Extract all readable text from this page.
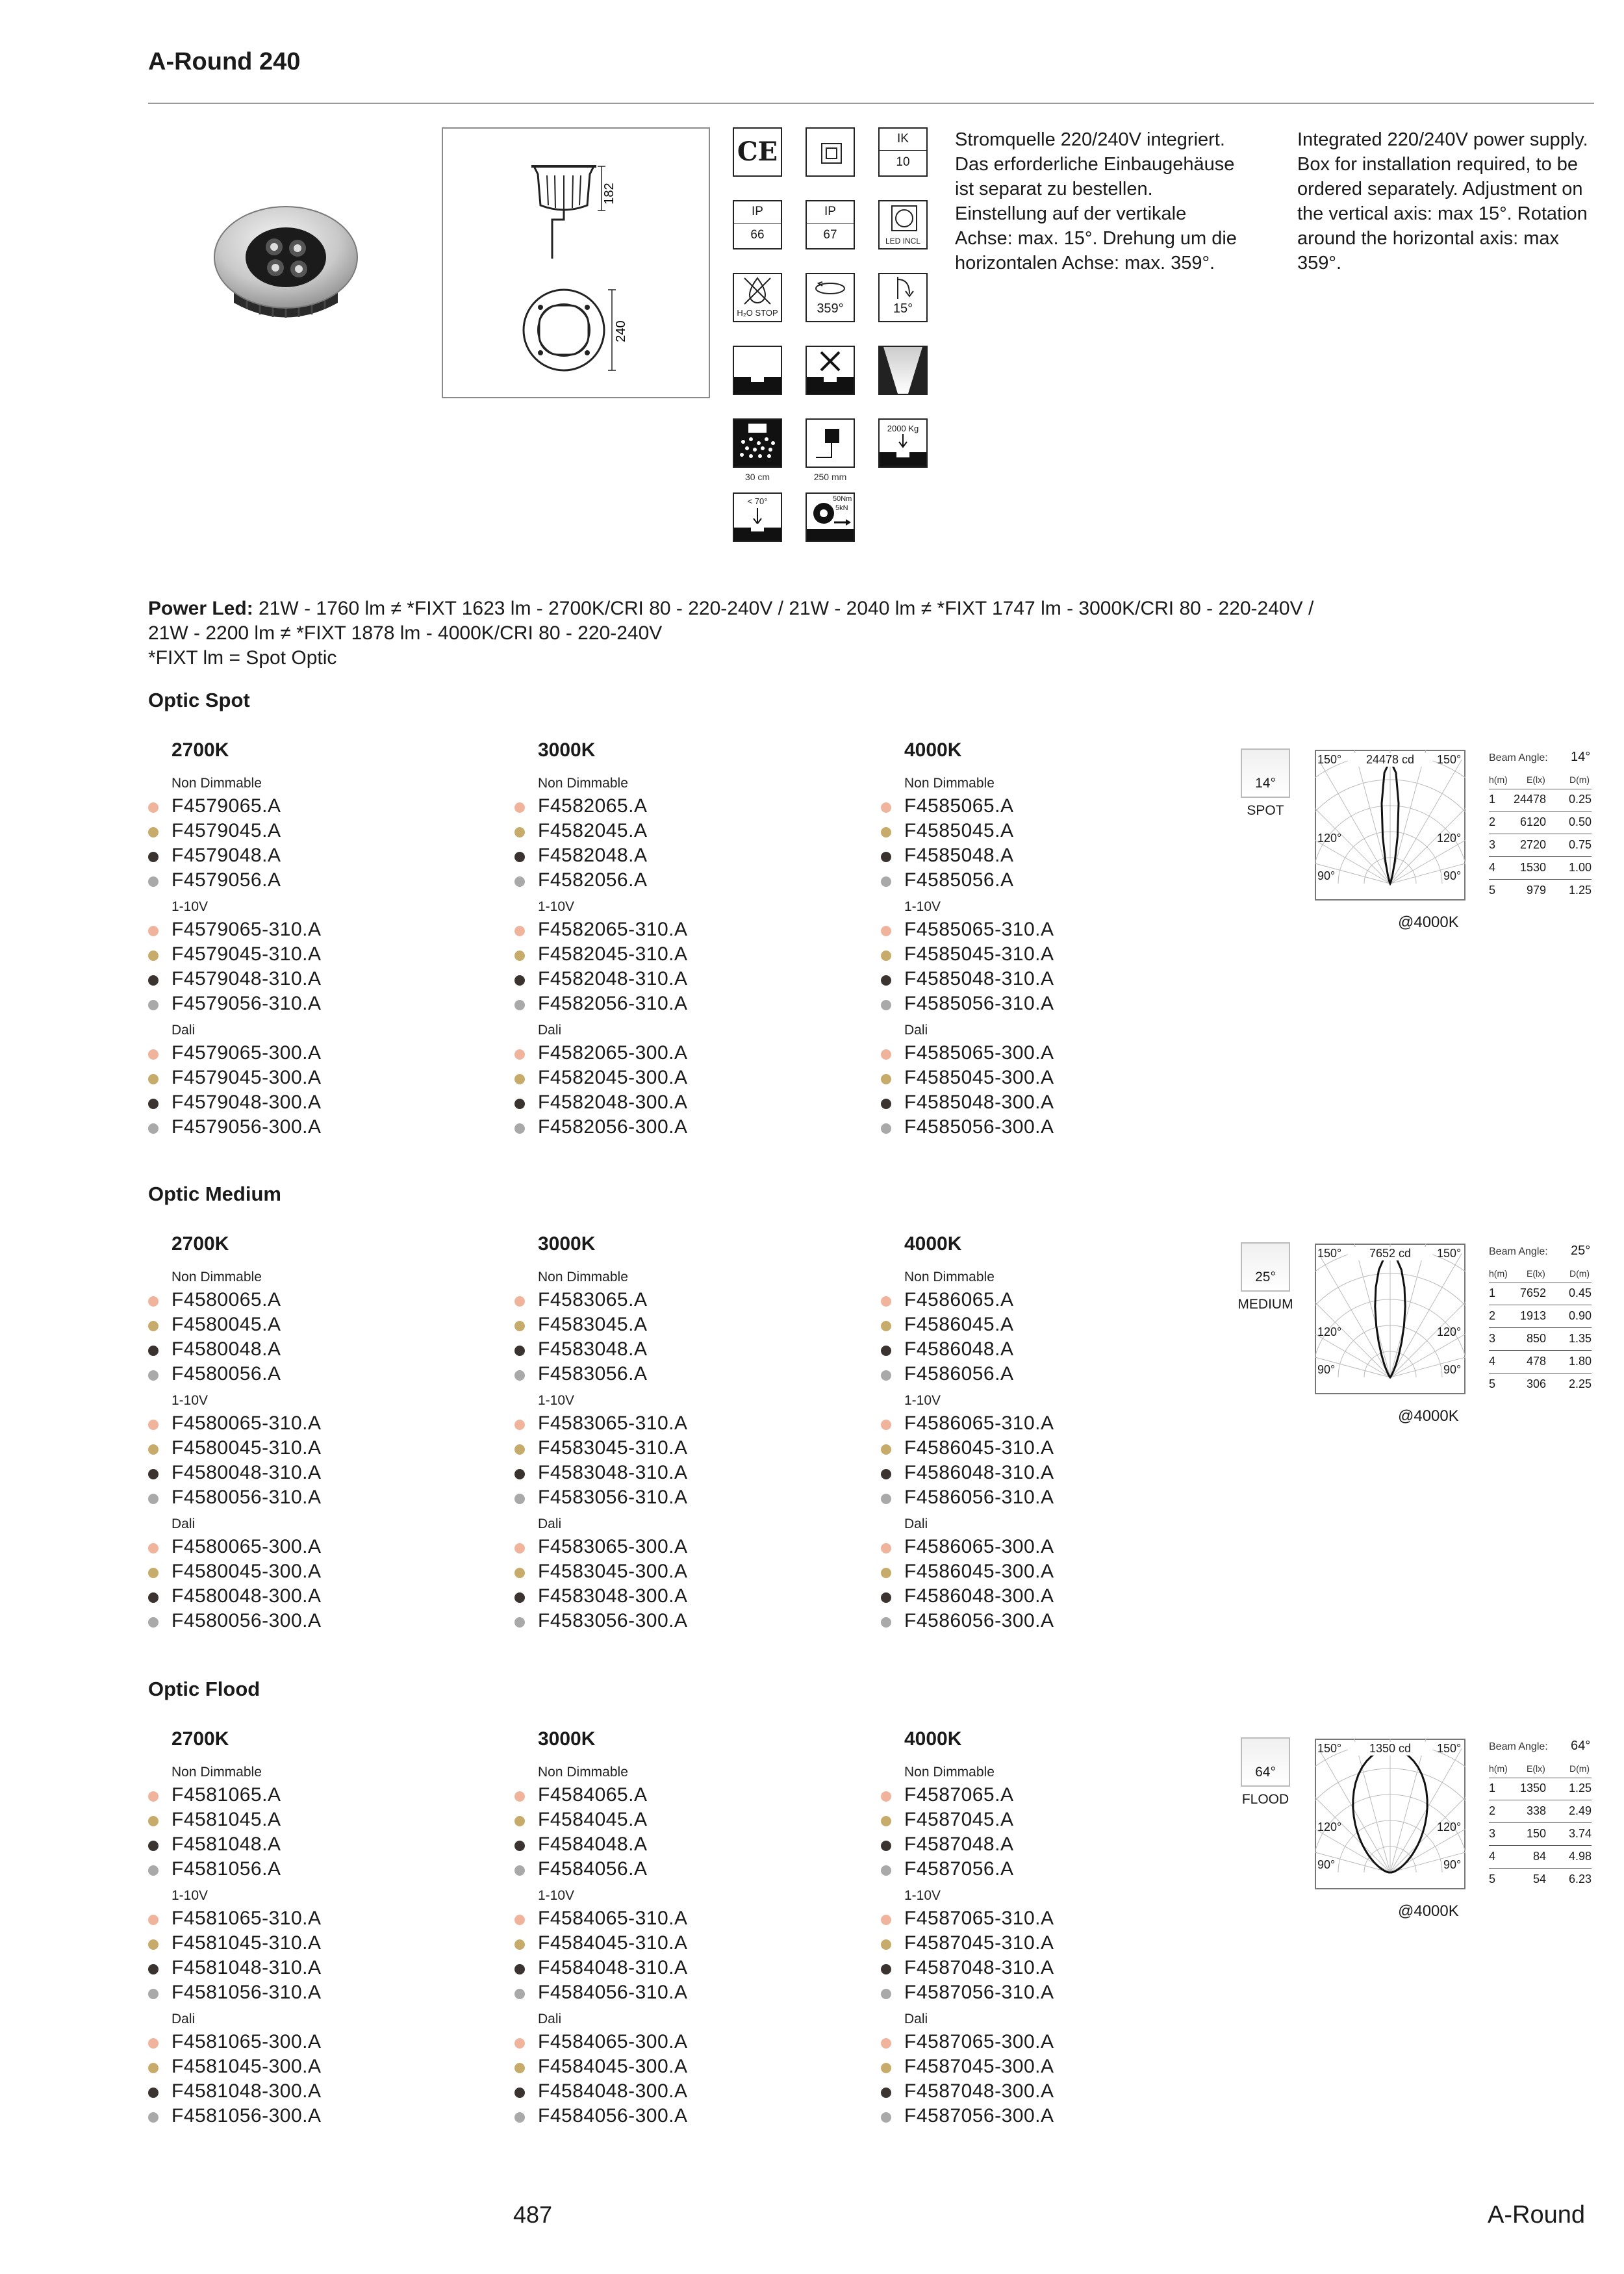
A-Round 240
182
240
CE	IK
10
IP
66
IP
67	LED INCL
H₂O STOP	359°	15°
30 cm	250 mm
2000 Kg
< 70°	50Nm
5kN
Stromquelle 220/240V integriert. Das erforderliche Einbaugehäuse ist separat zu bestellen. Einstellung auf der vertikale Achse: max. 15°. Drehung um die horizontalen Achse: max. 359°.
Integrated 220/240V power supply. Box for installation required, to be ordered separately. Adjustment on the vertical axis: max 15°. Rotation around the horizontal axis: max 359°.
Power Led: 21W - 1760 lm ≠ *FIXT 1623 lm - 2700K/CRI 80 - 220-240V / 21W - 2040 lm ≠ *FIXT 1747 lm - 3000K/CRI 80 - 220-240V /
21W - 2200 lm ≠ *FIXT 1878 lm - 4000K/CRI 80 - 220-240V
*FIXT lm = Spot Optic
Optic Spot
2700K
Non Dimmable
F4579065.A
F4579045.A
F4579048.A
F4579056.A
1-10V
F4579065-310.A
F4579045-310.A
F4579048-310.A
F4579056-310.A
Dali
F4579065-300.A
F4579045-300.A
F4579048-300.A
F4579056-300.A
3000K
Non Dimmable
F4582065.A
F4582045.A
F4582048.A
F4582056.A
1-10V
F4582065-310.A
F4582045-310.A
F4582048-310.A
F4582056-310.A
Dali
F4582065-300.A
F4582045-300.A
F4582048-300.A
F4582056-300.A
4000K
Non Dimmable
F4585065.A
F4585045.A
F4585048.A
F4585056.A
1-10V
F4585065-310.A
F4585045-310.A
F4585048-310.A
F4585056-310.A
Dali
F4585065-300.A
F4585045-300.A
F4585048-300.A
F4585056-300.A
14°
SPOT
24478 cd
150°	150°
120°	120°
90°	90°
@4000K
Beam Angle: 14°
h(m) E(lx)	D(m)
1	24478	0.25
2	6120	0.50
3	2720	0.75
4	1530	1.00
5	979	1.25
Optic Medium
2700K
Non Dimmable
F4580065.A
F4580045.A
F4580048.A
F4580056.A
1-10V
F4580065-310.A
F4580045-310.A
F4580048-310.A
F4580056-310.A
Dali
F4580065-300.A
F4580045-300.A
F4580048-300.A
F4580056-300.A
3000K
Non Dimmable
F4583065.A
F4583045.A
F4583048.A
F4583056.A
1-10V
F4583065-310.A
F4583045-310.A
F4583048-310.A
F4583056-310.A
Dali
F4583065-300.A
F4583045-300.A
F4583048-300.A
F4583056-300.A
4000K
Non Dimmable
F4586065.A
F4586045.A
F4586048.A
F4586056.A
1-10V
F4586065-310.A
F4586045-310.A
F4586048-310.A
F4586056-310.A
Dali
F4586065-300.A
F4586045-300.A
F4586048-300.A
F4586056-300.A
25°
MEDIUM
7652 cd
150°	150°
120°	120°
90°	90°
@4000K
Beam Angle: 25°
h(m) E(lx)	D(m)
1	7652	0.45
2	1913	0.90
3	850	1.35
4	478	1.80
5	306	2.25
Optic Flood
2700K
Non Dimmable
F4581065.A
F4581045.A
F4581048.A
F4581056.A
1-10V
F4581065-310.A
F4581045-310.A
F4581048-310.A
F4581056-310.A
Dali
F4581065-300.A
F4581045-300.A
F4581048-300.A
F4581056-300.A
3000K
Non Dimmable
F4584065.A
F4584045.A
F4584048.A
F4584056.A
1-10V
F4584065-310.A
F4584045-310.A
F4584048-310.A
F4584056-310.A
Dali
F4584065-300.A
F4584045-300.A
F4584048-300.A
F4584056-300.A
4000K
Non Dimmable
F4587065.A
F4587045.A
F4587048.A
F4587056.A
1-10V
F4587065-310.A
F4587045-310.A
F4587048-310.A
F4587056-310.A
Dali
F4587065-300.A
F4587045-300.A
F4587048-300.A
F4587056-300.A
64°
FLOOD
1350 cd
150°	150°
120°	120°
90°	90°
@4000K
Beam Angle: 64°
h(m) E(lx)	D(m)
1	1350	1.25
2	338	2.49
3	150	3.74
4	84	4.98
5	54	6.23
487	A-Round
